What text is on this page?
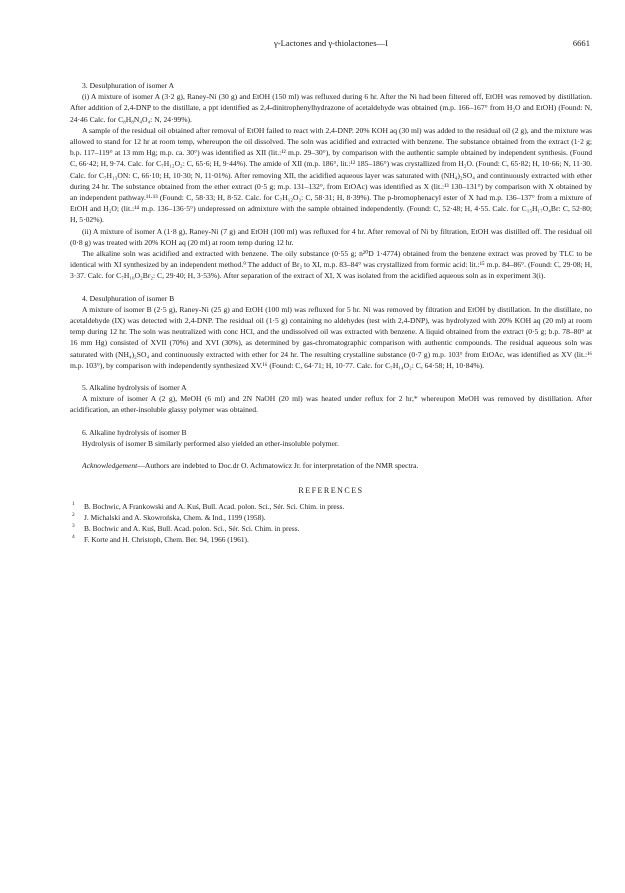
γ-Lactones and γ-thiolactones—I	6661

3. Desulphuration of isomer A

(i) A mixture of isomer A (3·2 g), Raney-Ni (30 g) and EtOH (150 ml) was refluxed during 6 hr. After the Ni had been filtered off, EtOH was removed by distillation. After addition of 2,4-DNP to the distillate, a ppt identified as 2,4-dinitrophenylhydrazone of acetaldehyde was obtained (m.p. 166–167° from H₂O and EtOH) (Found: N, 24·46 Calc. for C₈H₈N₄O₄: N, 24·99%).

A sample of the residual oil obtained after removal of EtOH failed to react with 2,4-DNP. 20% KOH aq (30 ml) was added to the residual oil (2 g), and the mixture was allowed to stand for 12 hr at room temp, whereupon the oil dissolved. The soln was acidified and extracted with benzene. The substance obtained from the extract (1·2 g; b.p. 117–119° at 13 mm Hg; m.p. ca. 30°) was identified as XII (lit.:¹² m.p. 29–30°), by comparison with the authentic sample obtained by independent synthesis. (Found C, 66·42; H, 9·74. Calc. for C₇H₁₂O₂: C, 65·6; H, 9·44%). The amide of XII (m.p. 186°, lit.:¹² 185–186°) was crystallized from H₂O. (Found: C, 65·82; H, 10·66; N, 11·30. Calc. for C₇H₁₃ON: C, 66·10; H, 10·30; N, 11·01%). After removing XII, the acidified aqueous layer was saturated with (NH₄)₂SO₄ and continuously extracted with ether during 24 hr. The substance obtained from the ether extract (0·5 g; m.p. 131–132°, from EtOAc) was identified as X (lit.:¹³ 130–131°) by comparison with X obtained by an independent pathway.¹¹·¹³ (Found: C, 58·33; H, 8·52. Calc. for C₇H₁₂O₃: C, 58·31; H, 8·39%). The p-bromophenacyl ester of X had m.p. 136–137° from a mixture of EtOH and H₂O; (lit.:¹⁴ m.p. 136–136·5°) undepressed on admixture with the sample obtained independently. (Found: C, 52·48; H, 4·55. Calc. for C₁₅H₁₇O₄Br: C, 52·80; H, 5·02%).

(ii) A mixture of isomer A (1·8 g), Raney-Ni (7 g) and EtOH (100 ml) was refluxed for 4 hr. After removal of Ni by filtration, EtOH was distilled off. The residual oil (0·8 g) was treated with 20% KOH aq (20 ml) at room temp during 12 hr.

The alkaline soln was acidified and extracted with benzene. The oily substance (0·55 g; n²⁰D 1·4774) obtained from the benzene extract was proved by TLC to be identical with XI synthesized by an independent method.⁹ The adduct of Br₂ to XI, m.p. 83–84° was crystallized from formic acid: lit.:¹⁵ m.p. 84–86°. (Found: C, 29·08; H, 3·37. Calc. for C₇H₁₀O₂Br₂: C, 29·40; H, 3·53%). After separation of the extract of XI, X was isolated from the acidified aqueous soln as in experiment 3(i).

4. Desulphuration of isomer B

A mixture of isomer B (2·5 g), Raney-Ni (25 g) and EtOH (100 ml) was refluxed for 5 hr. Ni was removed by filtration and EtOH by distillation. In the distillate, no acetaldehyde (IX) was detected with 2,4-DNP. The residual oil (1·5 g) containing no aldehydes (test with 2,4-DNP), was hydrolyzed with 20% KOH aq (20 ml) at room temp during 12 hr. The soln was neutralized with conc HCl, and the undissolved oil was extracted with benzene. A liquid obtained from the extract (0·5 g; b.p. 78–80° at 16 mm Hg) consisted of XVII (70%) and XVI (30%), as determined by gas-chromatographic comparison with authentic compounds. The residual aqueous soln was saturated with (NH₄)₂SO₄ and continuously extracted with ether for 24 hr. The resulting crystalline substance (0·7 g) m.p. 103° from EtOAc, was identified as XV (lit.:¹⁶ m.p. 103°), by comparison with independently synthesized XV.¹⁶ (Found: C, 64·71; H, 10·77. Calc. for C₇H₁₄O₂: C, 64·58; H, 10·84%).

5. Alkaline hydrolysis of isomer A

A mixture of isomer A (2 g), MeOH (6 ml) and 2N NaOH (20 ml) was heated under reflux for 2 hr,* whereupon MeOH was removed by distillation. After acidification, an ether-insoluble glassy polymer was obtained.

6. Alkaline hydrolysis of isomer B

Hydrolysis of isomer B similarly performed also yielded an ether-insoluble polymer.

Acknowledgement—Authors are indebted to Doc.dr O. Achmatowicz Jr. for interpretation of the NMR spectra.

REFERENCES
1 B. Bochwic, A Frankowski and A. Kuś, Bull. Acad. polon. Sci., Sér. Sci. Chim. in press.
2 J. Michalski and A. Skowrońska, Chem. & Ind., 1199 (1958).
3 B. Bochwic and A. Kuś, Bull. Acad. polon. Sci., Sér. Sci. Chim. in press.
4 F. Korte and H. Christoph, Chem. Ber. 94, 1966 (1961).
